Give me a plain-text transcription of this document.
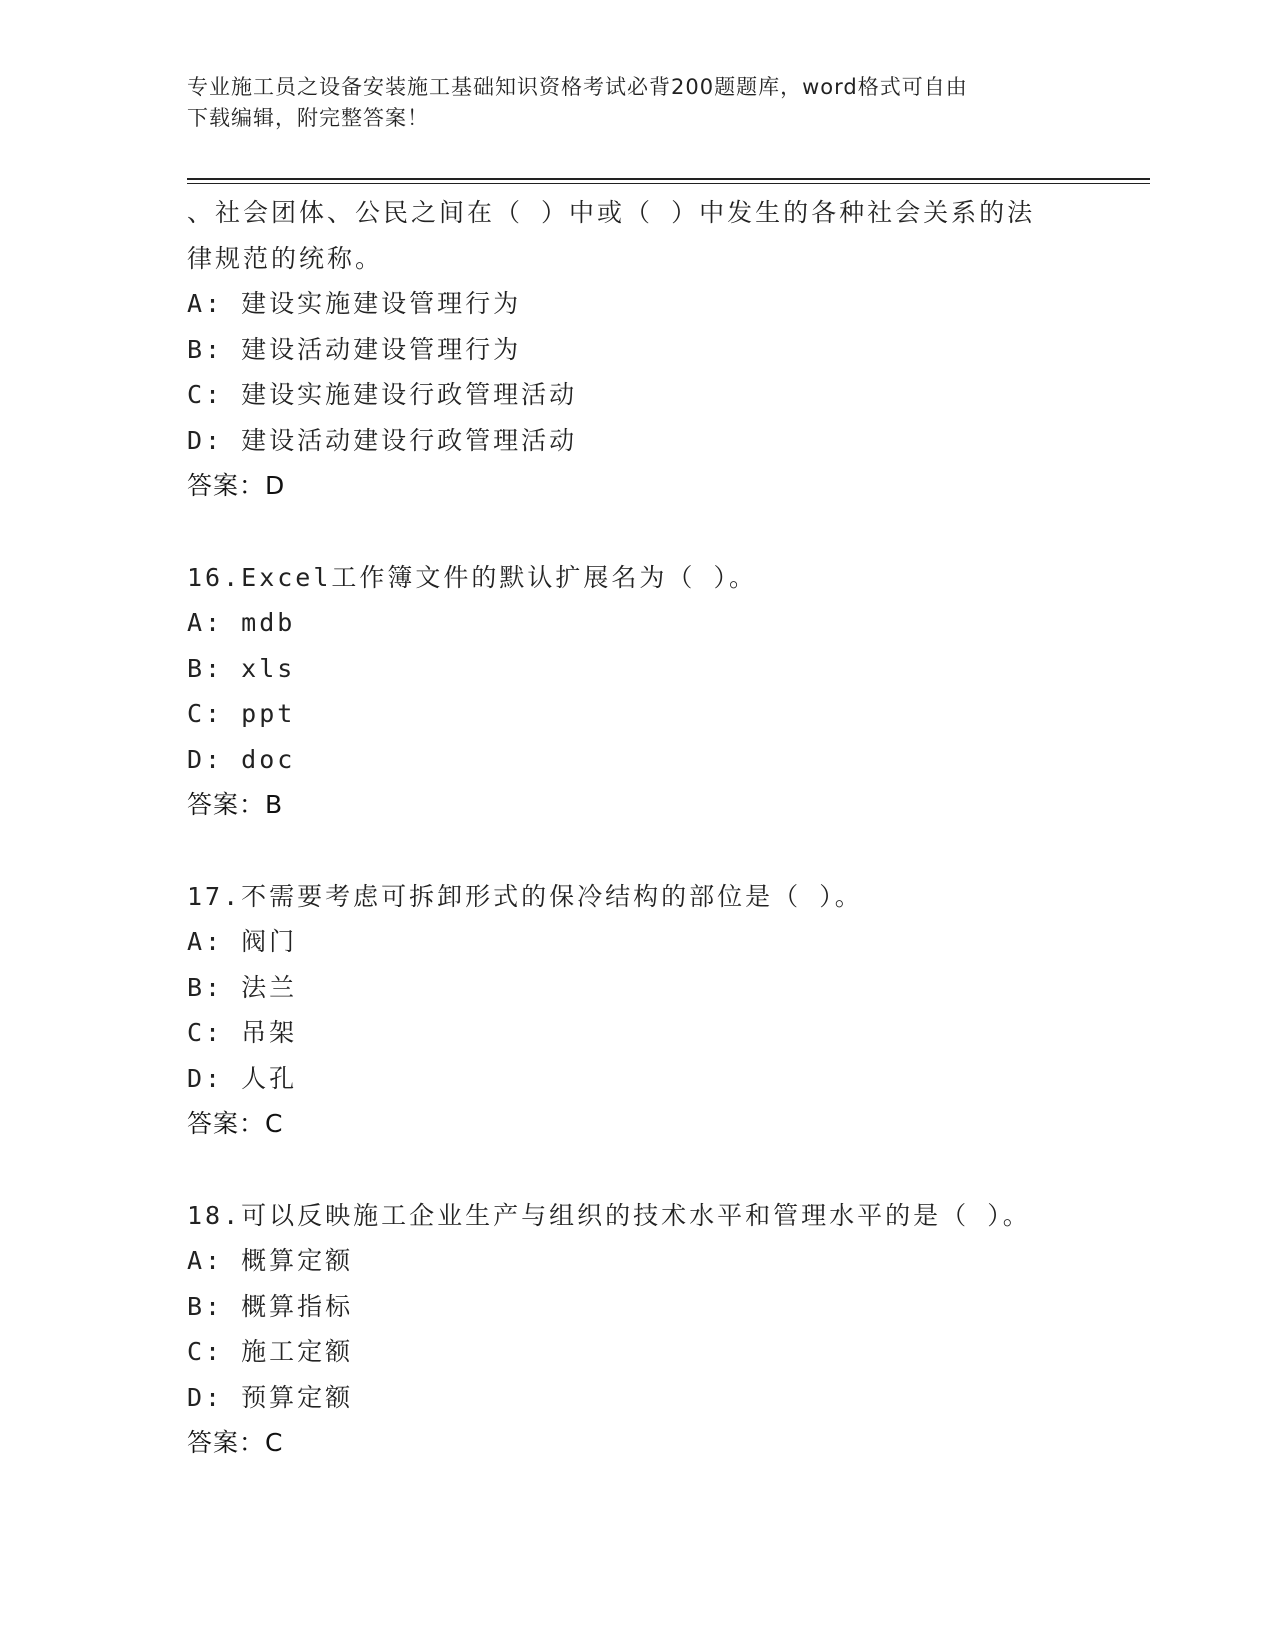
专业施工员之设备安装施工基础知识资格考试必背200题题库，word格式可自由
下载编辑，附完整答案！
、社会团体、公民之间在（ ）中或（ ）中发生的各种社会关系的法
律规范的统称。
A: 建设实施建设管理行为
B: 建设活动建设管理行为
C: 建设实施建设行政管理活动
D: 建设活动建设行政管理活动
答案：D
16.Excel工作簿文件的默认扩展名为（ ）。
A: mdb
B: xls
C: ppt
D: doc
答案：B
17.不需要考虑可拆卸形式的保冷结构的部位是（ ）。
A: 阀门
B: 法兰
C: 吊架
D: 人孔
答案：C
18.可以反映施工企业生产与组织的技术水平和管理水平的是（ ）。
A: 概算定额
B: 概算指标
C: 施工定额
D: 预算定额
答案：C
